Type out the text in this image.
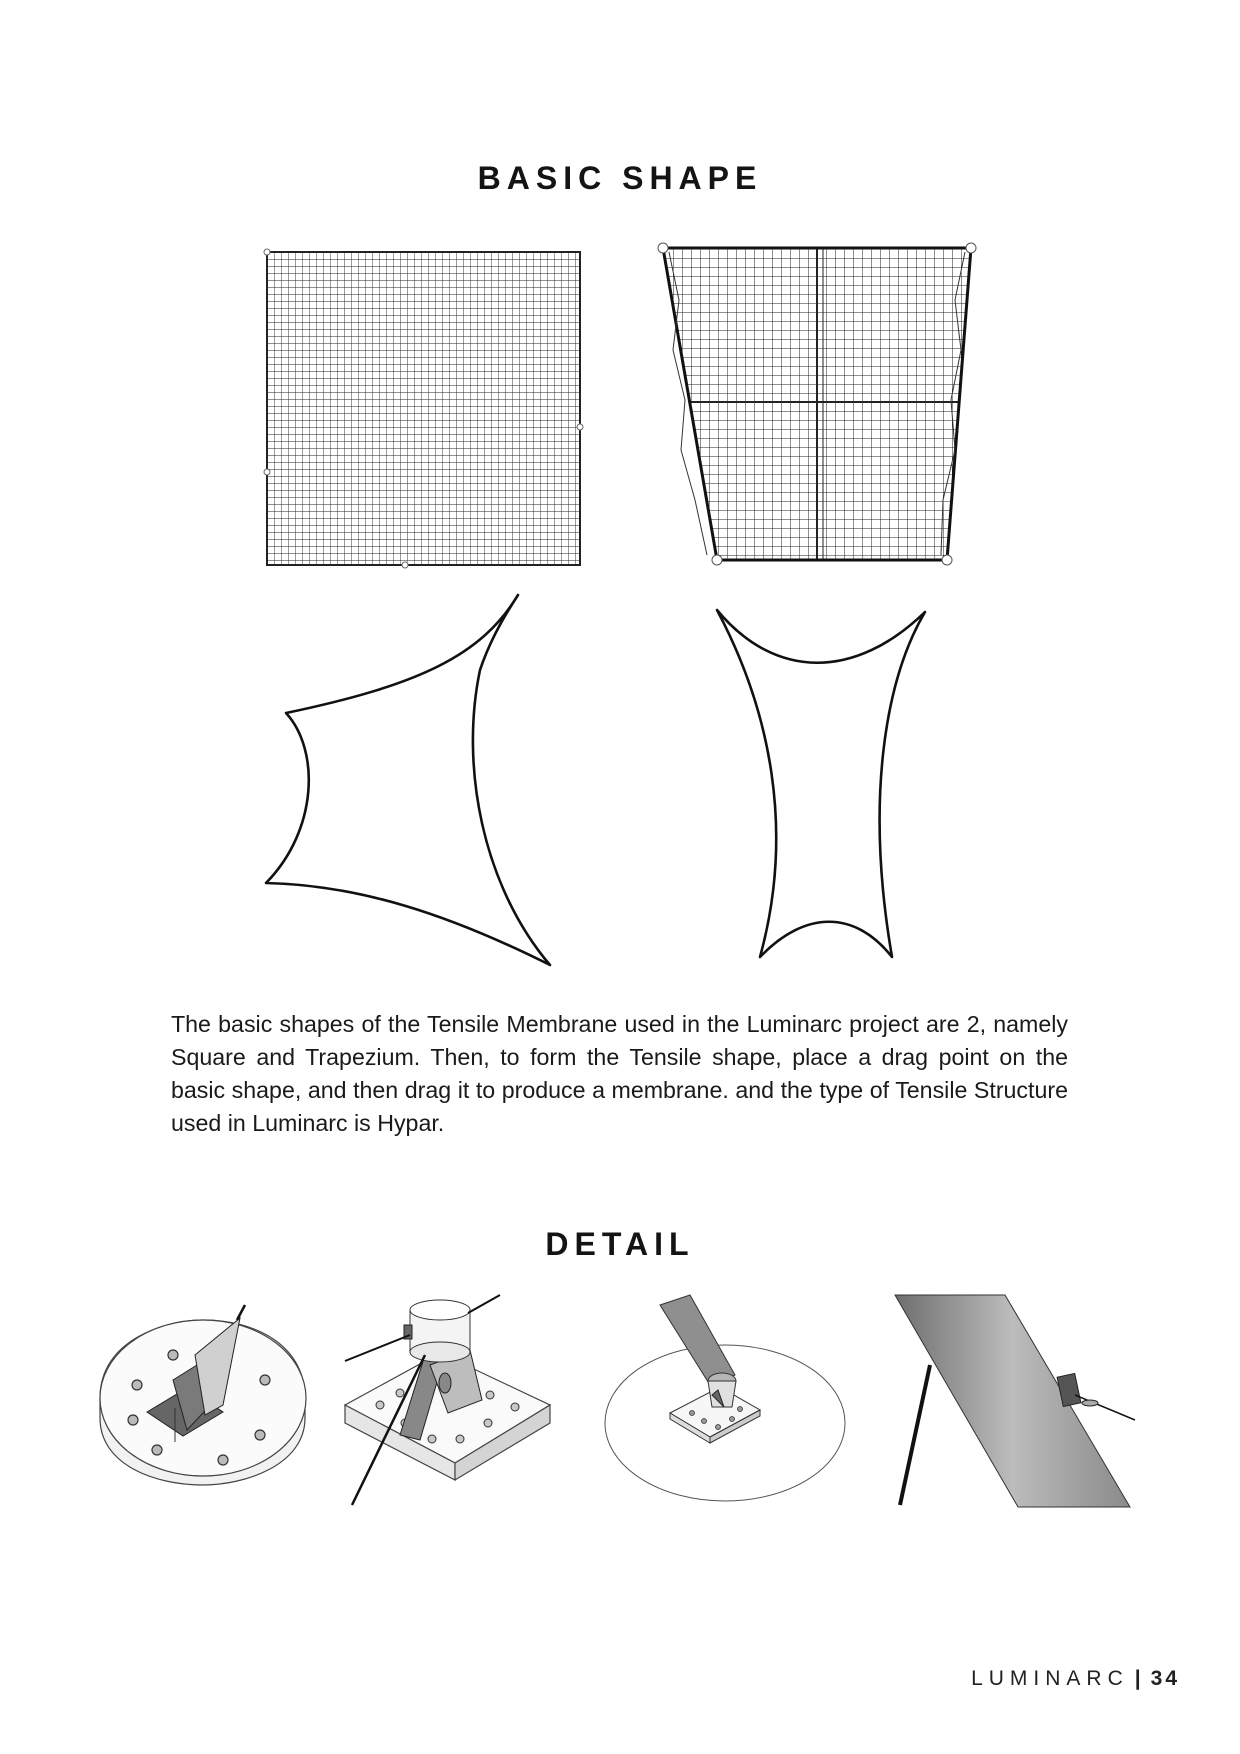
BASIC SHAPE

The basic shapes of the Tensile Membrane used in the Luminarc project are 2, namely Square and Trapezium. Then, to form the Tensile shape, place a drag point on the basic shape, and then drag it to produce a membrane. and the type of Tensile Structure used in Luminarc is Hypar.

DETAIL
LUMINARC | 34
